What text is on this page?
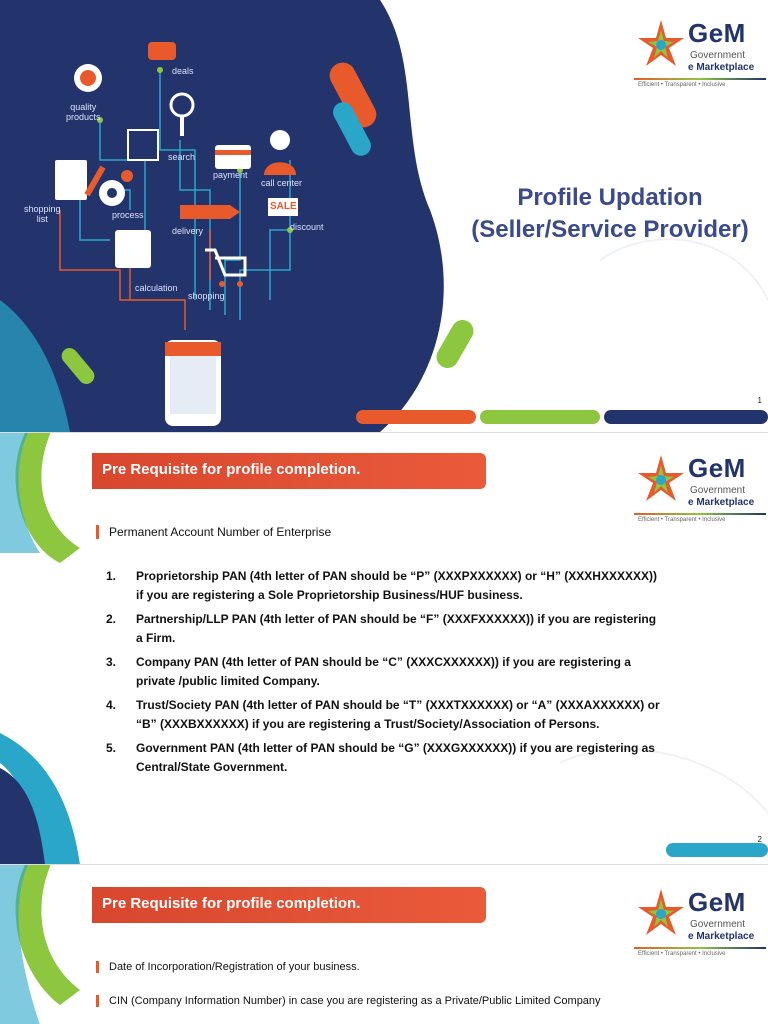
deals
quality
products
search
payment
call center
shopping
list	process
SALE
delivery	discount
calculation
shopping
GeM
Government
e Marketplace
Efficient • Transparent • Inclusive
Profile Updation
(Seller/Service Provider)
1
Pre Requisite for profile completion.	GeM
Government
e Marketplace
Efficient • Transparent • Inclusive
Permanent Account Number of Enterprise
1. Proprietorship PAN (4th letter of PAN should be “P” (XXXPXXXXXX) or “H” (XXXHXXXXXX)) if you are registering a Sole Proprietorship Business/HUF business.
2. Partnership/LLP PAN (4th letter of PAN should be “F” (XXXFXXXXXX)) if you are registering a Firm.
3. Company PAN (4th letter of PAN should be “C” (XXXCXXXXXX)) if you are registering a private /public limited Company.
4. Trust/Society PAN (4th letter of PAN should be “T” (XXXTXXXXXX) or “A” (XXXAXXXXXX) or “B” (XXXBXXXXXX) if you are registering a Trust/Society/Association of Persons.
5. Government PAN (4th letter of PAN should be “G” (XXXGXXXXXX)) if you are registering as Central/State Government.
2
Pre Requisite for profile completion.	GeM
Government
e Marketplace
Efficient • Transparent • Inclusive
Date of Incorporation/Registration of your business.
CIN (Company Information Number) in case you are registering as a Private/Public Limited Company
